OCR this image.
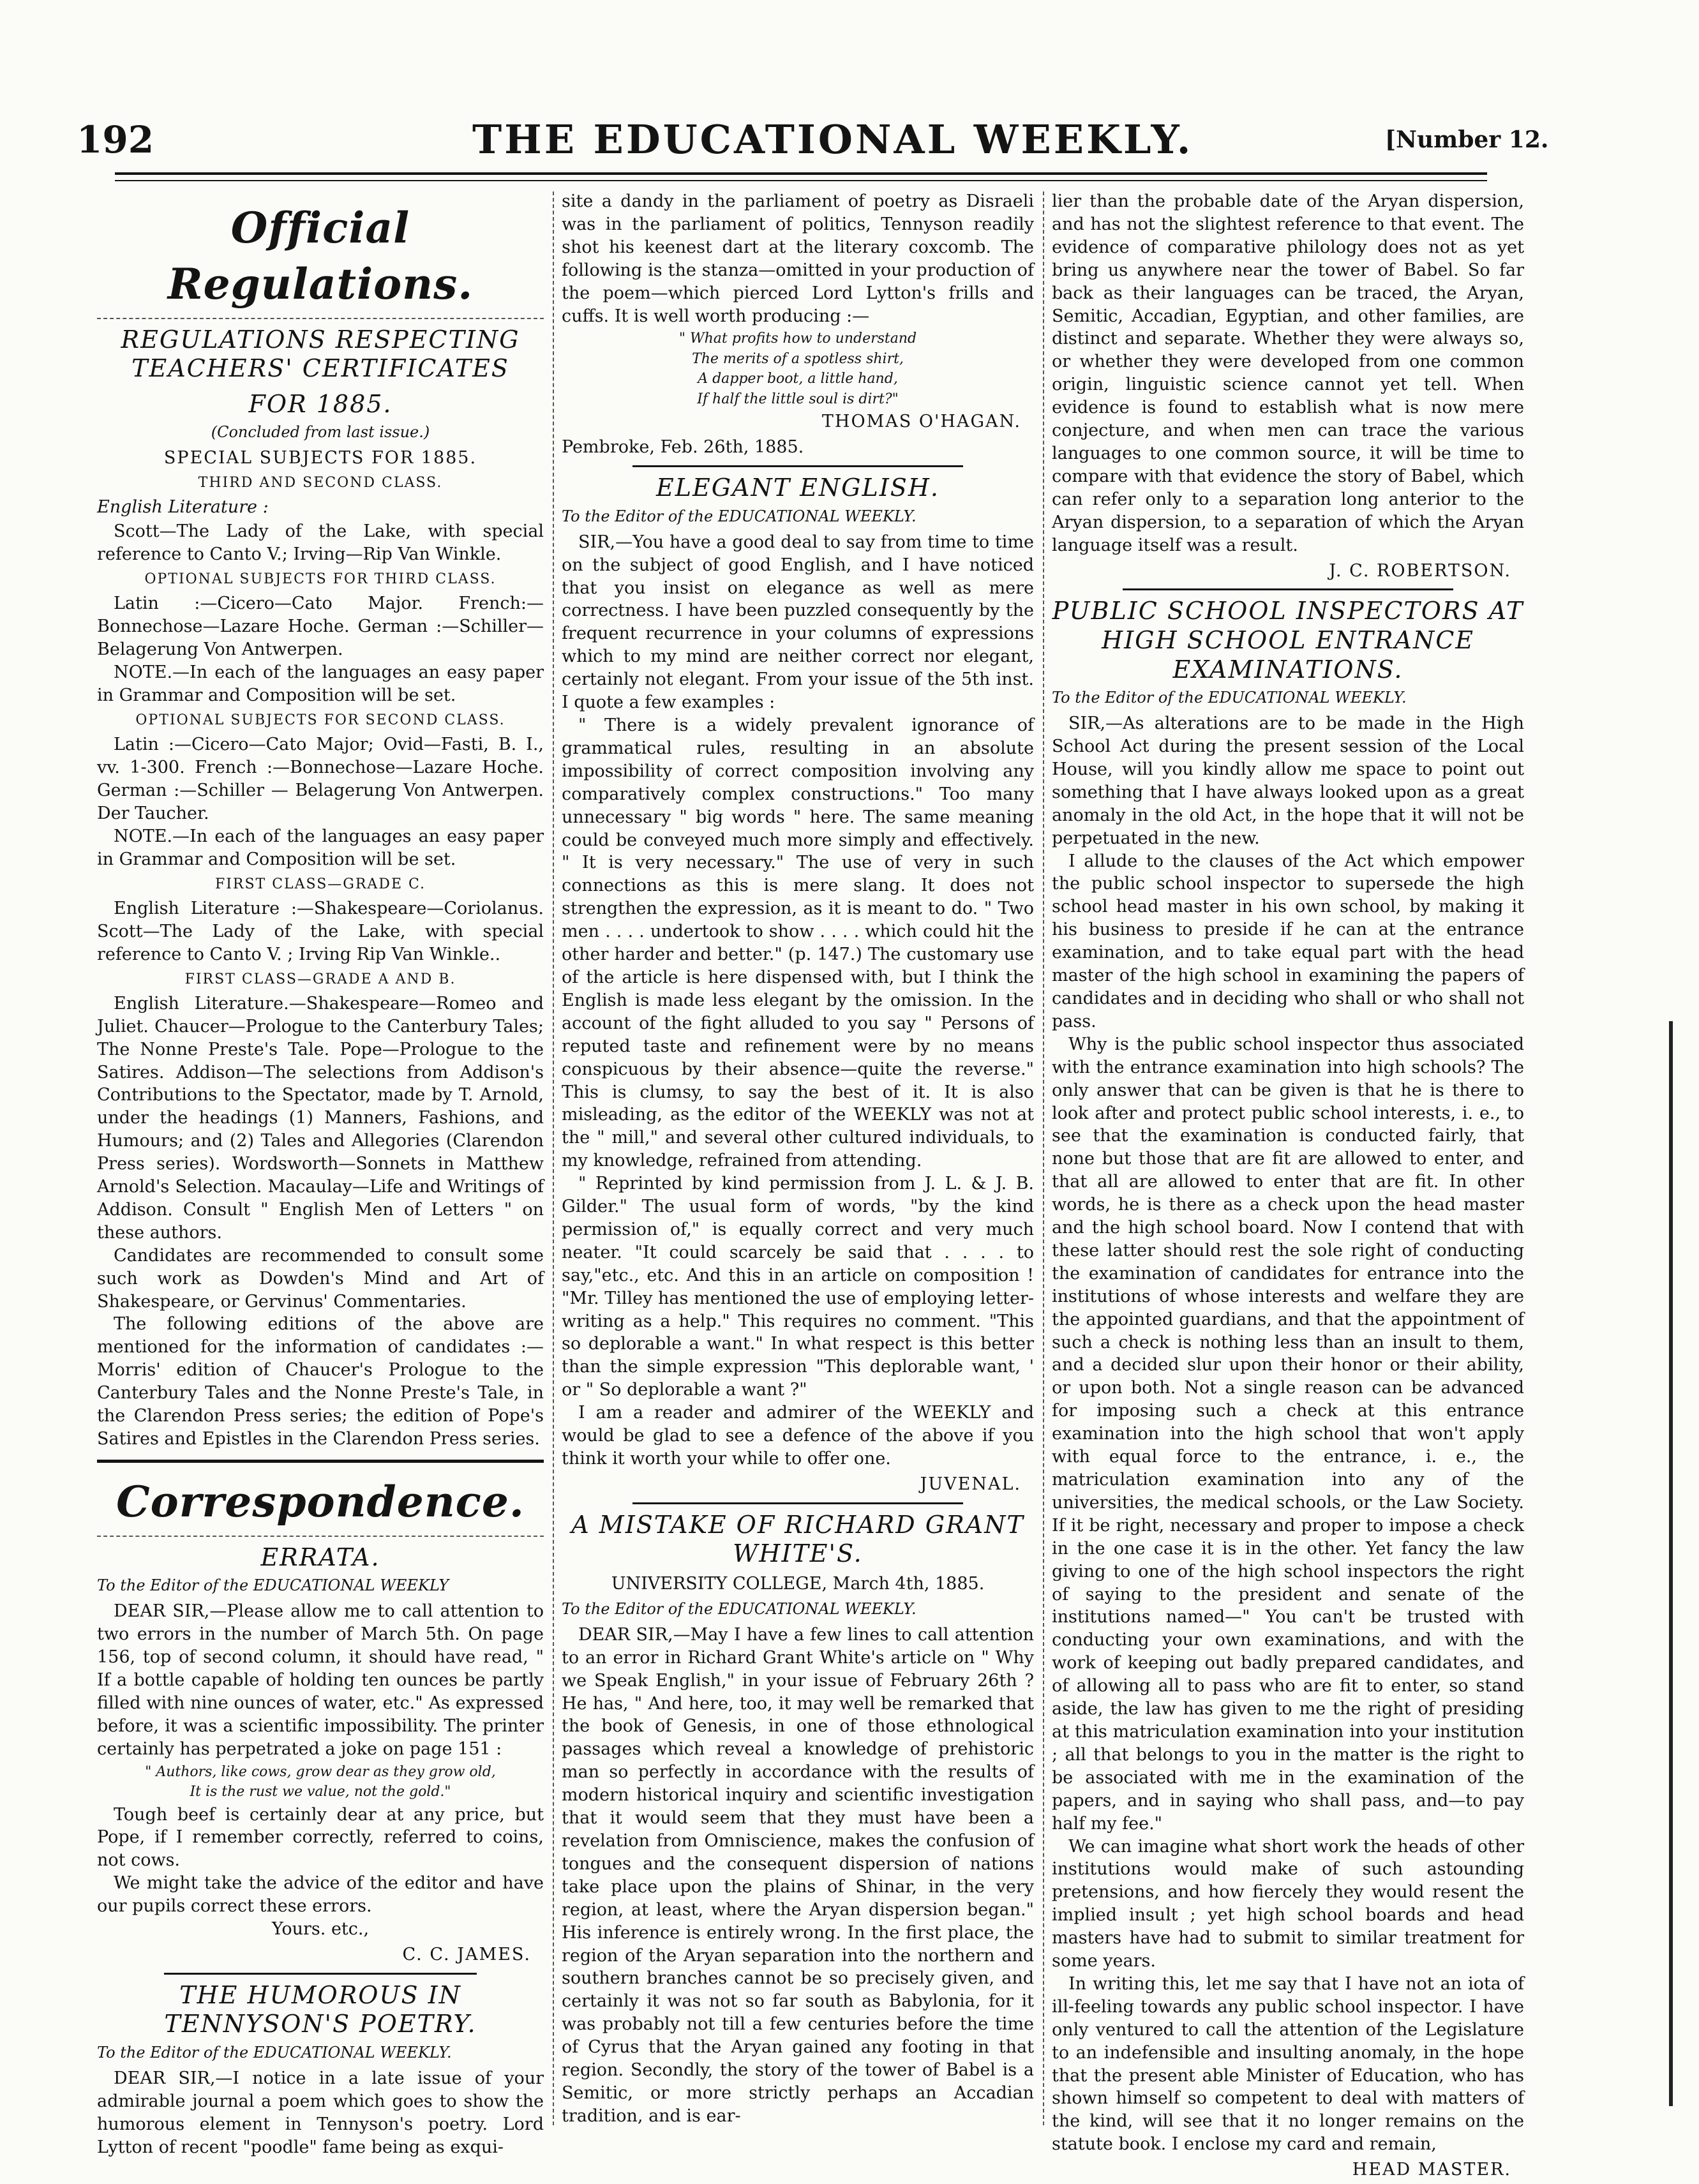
192	THE EDUCATIONAL WEEKLY.	[Number 12.
Official Regulations.
REGULATIONS RESPECTING TEACHERS' CERTIFICATES
FOR 1885.
(Concluded from last issue.)
SPECIAL SUBJECTS FOR 1885.
THIRD AND SECOND CLASS.

English Literature :

Scott—The Lady of the Lake, with special reference to Canto V.; Irving—Rip Van Winkle.

OPTIONAL SUBJECTS FOR THIRD CLASS.

Latin :—Cicero—Cato Major. French:—Bonnechose—Lazare Hoche. German :—Schiller—Belagerung Von Antwerpen.

NOTE.—In each of the languages an easy paper in Grammar and Composition will be set.

OPTIONAL SUBJECTS FOR SECOND CLASS.

Latin :—Cicero—Cato Major; Ovid—Fasti, B. I., vv. 1-300. French :—Bonnechose—Lazare Hoche. German :—Schiller — Belagerung Von Antwerpen. Der Taucher.

NOTE.—In each of the languages an easy paper in Grammar and Composition will be set.

FIRST CLASS—GRADE C.

English Literature :—Shakespeare—Coriolanus. Scott—The Lady of the Lake, with special reference to Canto V. ; Irving Rip Van Winkle..

FIRST CLASS—GRADE A AND B.

English Literature.—Shakespeare—Romeo and Juliet. Chaucer—Prologue to the Canterbury Tales; The Nonne Preste's Tale. Pope—Prologue to the Satires. Addison—The selections from Addison's Contributions to the Spectator, made by T. Arnold, under the headings (1) Manners, Fashions, and Humours; and (2) Tales and Allegories (Clarendon Press series). Wordsworth—Sonnets in Matthew Arnold's Selection. Macaulay—Life and Writings of Addison. Consult " English Men of Letters " on these authors.

Candidates are recommended to consult some such work as Dowden's Mind and Art of Shakespeare, or Gervinus' Commentaries.

The following editions of the above are mentioned for the information of candidates :—Morris' edition of Chaucer's Prologue to the Canterbury Tales and the Nonne Preste's Tale, in the Clarendon Press series; the edition of Pope's Satires and Epistles in the Clarendon Press series.

Correspondence.
ERRATA.
To the Editor of the EDUCATIONAL WEEKLY

DEAR SIR,—Please allow me to call attention to two errors in the number of March 5th. On page 156, top of second column, it should have read, " If a bottle capable of holding ten ounces be partly filled with nine ounces of water, etc." As expressed before, it was a scientific impossibility. The printer certainly has perpetrated a joke on page 151 :

" Authors, like cows, grow dear as they grow old,
It is the rust we value, not the gold."

Tough beef is certainly dear at any price, but Pope, if I remember correctly, referred to coins, not cows.

We might take the advice of the editor and have our pupils correct these errors.

Yours. etc.,
C. C. JAMES.
THE HUMOROUS IN TENNYSON'S POETRY.
To the Editor of the EDUCATIONAL WEEKLY.

DEAR SIR,—I notice in a late issue of your admirable journal a poem which goes to show the humorous element in Tennyson's poetry. Lord Lytton of recent "poodle" fame being as exqui-

site a dandy in the parliament of poetry as Disraeli was in the parliament of politics, Tennyson readily shot his keenest dart at the literary coxcomb. The following is the stanza—omitted in your production of the poem—which pierced Lord Lytton's frills and cuffs. It is well worth producing :—

" What profits how to understand
The merits of a spotless shirt,
A dapper boot, a little hand,
If half the little soul is dirt?"
THOMAS O'HAGAN.
Pembroke, Feb. 26th, 1885.
ELEGANT ENGLISH.
To the Editor of the EDUCATIONAL WEEKLY.

SIR,—You have a good deal to say from time to time on the subject of good English, and I have noticed that you insist on elegance as well as mere correctness. I have been puzzled consequently by the frequent recurrence in your columns of expressions which to my mind are neither correct nor elegant, certainly not elegant. From your issue of the 5th inst. I quote a few examples :

" There is a widely prevalent ignorance of grammatical rules, resulting in an absolute impossibility of correct composition involving any comparatively complex constructions." Too many unnecessary " big words " here. The same meaning could be conveyed much more simply and effectively. " It is very necessary." The use of very in such connections as this is mere slang. It does not strengthen the expression, as it is meant to do. " Two men . . . . undertook to show . . . . which could hit the other harder and better." (p. 147.) The customary use of the article is here dispensed with, but I think the English is made less elegant by the omission. In the account of the fight alluded to you say " Persons of reputed taste and refinement were by no means conspicuous by their absence—quite the reverse." This is clumsy, to say the best of it. It is also misleading, as the editor of the WEEKLY was not at the " mill," and several other cultured individuals, to my knowledge, refrained from attending.

" Reprinted by kind permission from J. L. & J. B. Gilder." The usual form of words, "by the kind permission of," is equally correct and very much neater. "It could scarcely be said that . . . . to say,"etc., etc. And this in an article on composition ! "Mr. Tilley has mentioned the use of employing letter-writing as a help." This requires no comment. "This so deplorable a want." In what respect is this better than the simple expression "This deplorable want, ' or " So deplorable a want ?"

I am a reader and admirer of the WEEKLY and would be glad to see a defence of the above if you think it worth your while to offer one.

JUVENAL.
A MISTAKE OF RICHARD GRANT WHITE'S.
UNIVERSITY COLLEGE, March 4th, 1885.
To the Editor of the EDUCATIONAL WEEKLY.

DEAR SIR,—May I have a few lines to call attention to an error in Richard Grant White's article on " Why we Speak English," in your issue of February 26th ? He has, " And here, too, it may well be remarked that the book of Genesis, in one of those ethnological passages which reveal a knowledge of prehistoric man so perfectly in accordance with the results of modern historical inquiry and scientific investigation that it would seem that they must have been a revelation from Omniscience, makes the confusion of tongues and the consequent dispersion of nations take place upon the plains of Shinar, in the very region, at least, where the Aryan dispersion began." His inference is entirely wrong. In the first place, the region of the Aryan separation into the northern and southern branches cannot be so precisely given, and certainly it was not so far south as Babylonia, for it was probably not till a few centuries before the time of Cyrus that the Aryan gained any footing in that region. Secondly, the story of the tower of Babel is a Semitic, or more strictly perhaps an Accadian tradition, and is ear-

lier than the probable date of the Aryan dispersion, and has not the slightest reference to that event. The evidence of comparative philology does not as yet bring us anywhere near the tower of Babel. So far back as their languages can be traced, the Aryan, Semitic, Accadian, Egyptian, and other families, are distinct and separate. Whether they were always so, or whether they were developed from one common origin, linguistic science cannot yet tell. When evidence is found to establish what is now mere conjecture, and when men can trace the various languages to one common source, it will be time to compare with that evidence the story of Babel, which can refer only to a separation long anterior to the Aryan dispersion, to a separation of which the Aryan language itself was a result.

J. C. ROBERTSON.
PUBLIC SCHOOL INSPECTORS AT HIGH SCHOOL ENTRANCE EXAMINATIONS.
To the Editor of the EDUCATIONAL WEEKLY.

SIR,—As alterations are to be made in the High School Act during the present session of the Local House, will you kindly allow me space to point out something that I have always looked upon as a great anomaly in the old Act, in the hope that it will not be perpetuated in the new.

I allude to the clauses of the Act which empower the public school inspector to supersede the high school head master in his own school, by making it his business to preside if he can at the entrance examination, and to take equal part with the head master of the high school in examining the papers of candidates and in deciding who shall or who shall not pass.

Why is the public school inspector thus associated with the entrance examination into high schools? The only answer that can be given is that he is there to look after and protect public school interests, i. e., to see that the examination is conducted fairly, that none but those that are fit are allowed to enter, and that all are allowed to enter that are fit. In other words, he is there as a check upon the head master and the high school board. Now I contend that with these latter should rest the sole right of conducting the examination of candidates for entrance into the institutions of whose interests and welfare they are the appointed guardians, and that the appointment of such a check is nothing less than an insult to them, and a decided slur upon their honor or their ability, or upon both. Not a single reason can be advanced for imposing such a check at this entrance examination into the high school that won't apply with equal force to the entrance, i. e., the matriculation examination into any of the universities, the medical schools, or the Law Society. If it be right, necessary and proper to impose a check in the one case it is in the other. Yet fancy the law giving to one of the high school inspectors the right of saying to the president and senate of the institutions named—" You can't be trusted with conducting your own examinations, and with the work of keeping out badly prepared candidates, and of allowing all to pass who are fit to enter, so stand aside, the law has given to me the right of presiding at this matriculation examination into your institution ; all that belongs to you in the matter is the right to be associated with me in the examination of the papers, and in saying who shall pass, and—to pay half my fee."

We can imagine what short work the heads of other institutions would make of such astounding pretensions, and how fiercely they would resent the implied insult ; yet high school boards and head masters have had to submit to similar treatment for some years.

In writing this, let me say that I have not an iota of ill-feeling towards any public school inspector. I have only ventured to call the attention of the Legislature to an indefensible and insulting anomaly, in the hope that the present able Minister of Education, who has shown himself so competent to deal with matters of the kind, will see that it no longer remains on the statute book. I enclose my card and remain,

HEAD MASTER.
